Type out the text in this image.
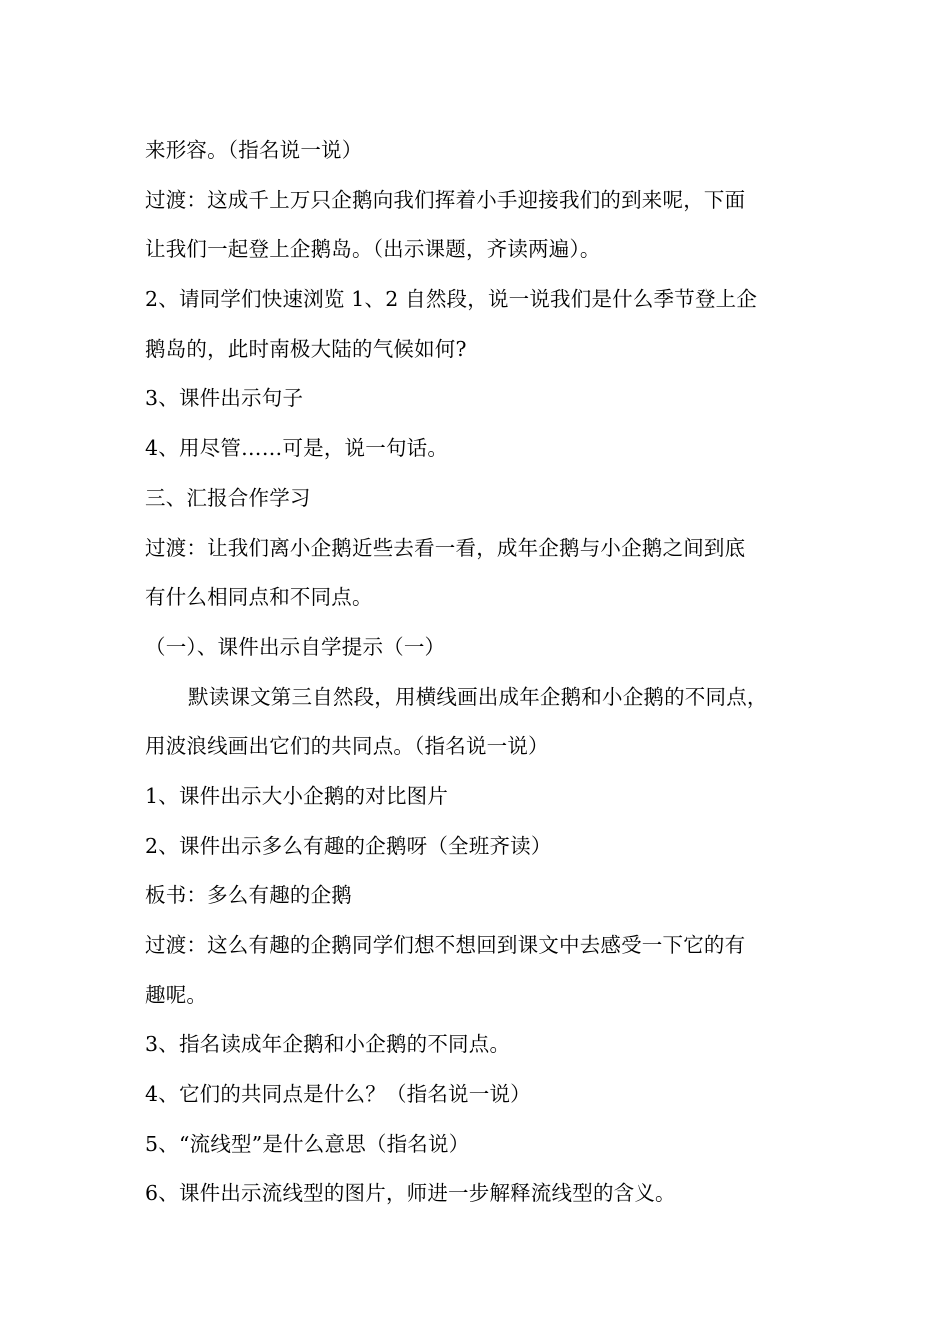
来形容。（指名说一说）
过渡：这成千上万只企鹅向我们挥着小手迎接我们的到来呢，下面
让我们一起登上企鹅岛。（出示课题，齐读两遍）。
2、请同学们快速浏览 1、2 自然段，说一说我们是什么季节登上企
鹅岛的，此时南极大陆的气候如何?
3、课件出示句子
4、用尽管……可是，说一句话。
三、汇报合作学习
过渡：让我们离小企鹅近些去看一看，成年企鹅与小企鹅之间到底
有什么相同点和不同点。
（一）、课件出示自学提示（一）
默读课文第三自然段，用横线画出成年企鹅和小企鹅的不同点，
用波浪线画出它们的共同点。（指名说一说）
1、课件出示大小企鹅的对比图片
2、课件出示多么有趣的企鹅呀（全班齐读）
板书：多么有趣的企鹅
过渡：这么有趣的企鹅同学们想不想回到课文中去感受一下它的有
趣呢。
3、指名读成年企鹅和小企鹅的不同点。
4、它们的共同点是什么？（指名说一说）
5、“流线型”是什么意思（指名说）
6、课件出示流线型的图片，师进一步解释流线型的含义。
